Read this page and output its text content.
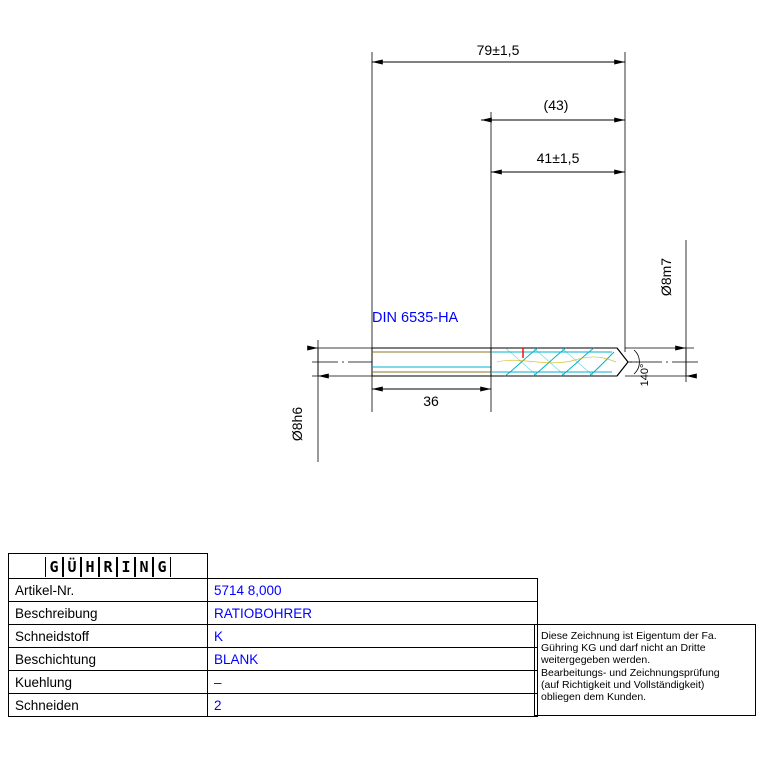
79±1,5
(43)
41±1,5
36
Ø8h6
Ø8m7
140°
DIN 6535-HA
G Ü H R I N G	

Artikel-Nr.	5714 8,000
Beschreibung	RATIOBOHRER
Schneidstoff	K
Beschichtung	BLANK
Kuehlung	–
Schneiden	2
Diese Zeichnung ist Eigentum der Fa.
Gühring KG und darf nicht an Dritte
weitergegeben werden.
Bearbeitungs- und Zeichnungsprüfung
(auf Richtigkeit und Vollständigkeit)
obliegen dem Kunden.
